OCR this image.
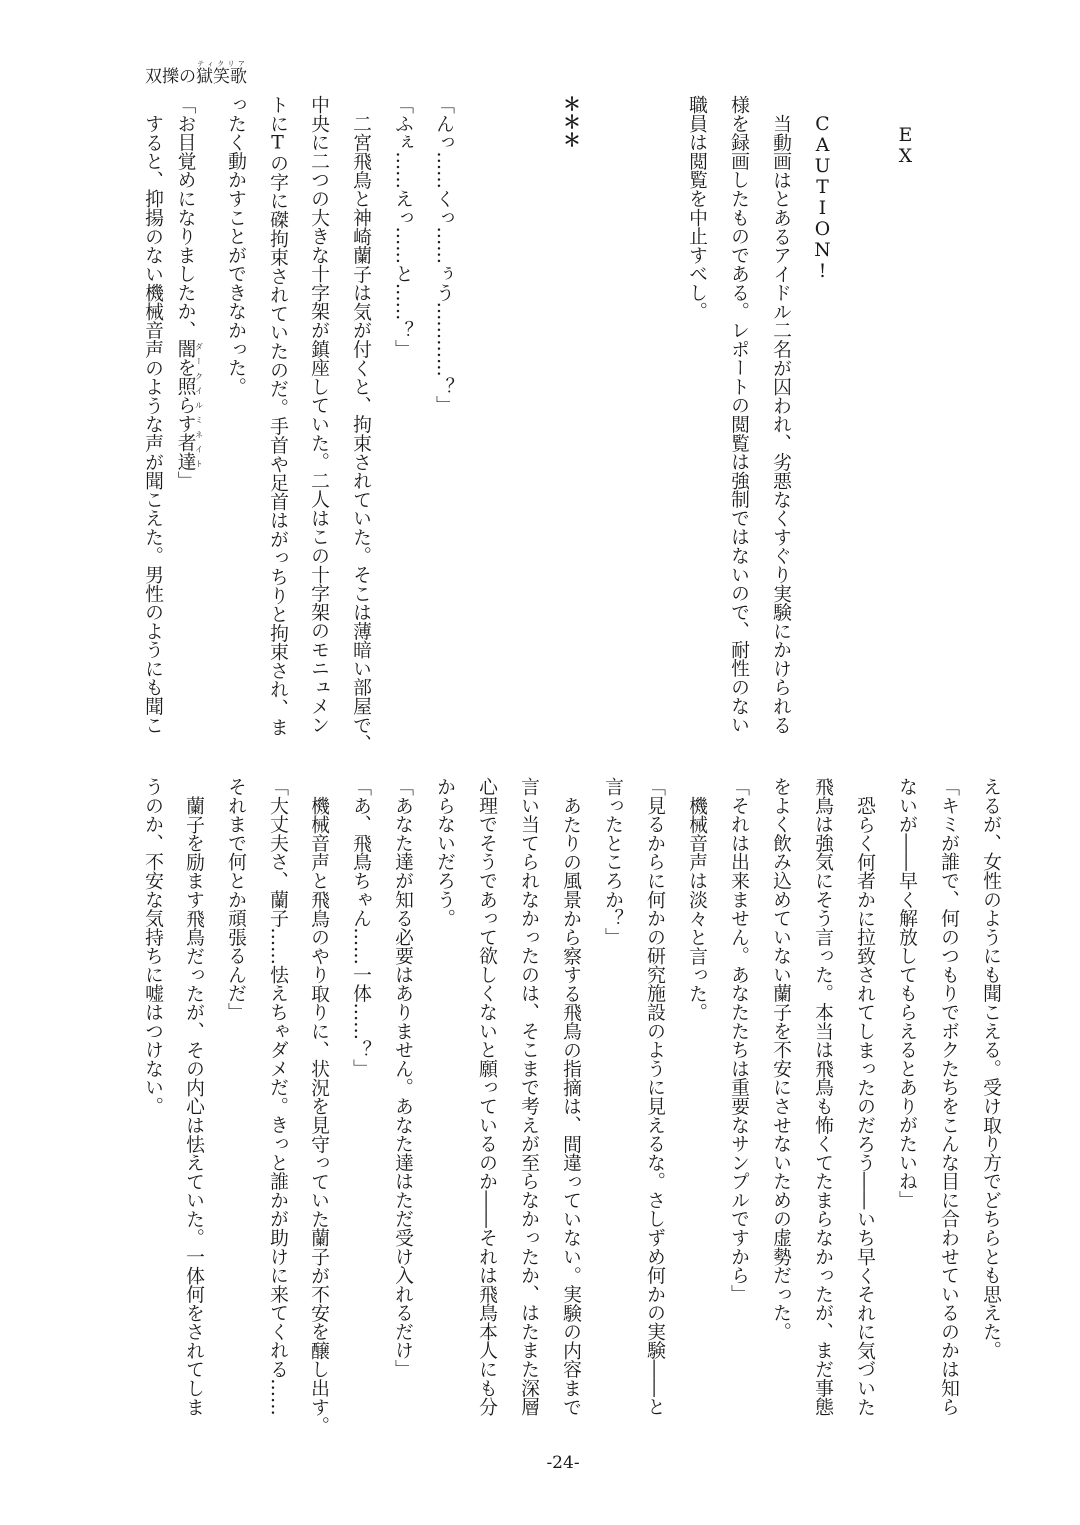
双擽の獄笑歌ティクリア
EX
CAUTION!
当動画はとあるアイドル二名が囚われ、劣悪なくすぐり実験にかけられる
様を録画したものである。レポートの閲覧は強制ではないので、耐性のない
職員は閲覧を中止すべし。
＊＊＊
「んっ……くっ……ぅう…………？」
「ふぇ……えっ……と……？」
二宮飛鳥と神崎蘭子は気が付くと、拘束されていた。そこは薄暗い部屋で、
中央に二つの大きな十字架が鎮座していた。二人はこの十字架のモニュメン
トにTの字に磔拘束されていたのだ。手首や足首はがっちりと拘束され、ま
ったく動かすことができなかった。
「お目覚めになりましたか、闇を照らす者達 ダークイルミネイト」
すると、抑揚のない機械音声のような声が聞こえた。男性のようにも聞こ
えるが、女性のようにも聞こえる。受け取り方でどちらとも思えた。
「キミが誰で、何のつもりでボクたちをこんな目に合わせているのかは知ら
ないが――早く解放してもらえるとありがたいね」
恐らく何者かに拉致されてしまったのだろう――いち早くそれに気づいた
飛鳥は強気にそう言った。本当は飛鳥も怖くてたまらなかったが、まだ事態
をよく飲み込めていない蘭子を不安にさせないための虚勢だった。
「それは出来ません。あなたたちは重要なサンプルですから」
機械音声は淡々と言った。
「見るからに何かの研究施設のように見えるな。さしずめ何かの実験――と
言ったところか？」
あたりの風景から察する飛鳥の指摘は、間違っていない。実験の内容まで
言い当てられなかったのは、そこまで考えが至らなかったか、はたまた深層
心理でそうであって欲しくないと願っているのか――それは飛鳥本人にも分
からないだろう。
「あなた達が知る必要はありません。あなた達はただ受け入れるだけ」
「あ、飛鳥ちゃん……一体……？」
機械音声と飛鳥のやり取りに、状況を見守っていた蘭子が不安を醸し出す。
「大丈夫さ、蘭子……怯えちゃダメだ。きっと誰かが助けに来てくれる……
それまで何とか頑張るんだ」
蘭子を励ます飛鳥だったが、その内心は怯えていた。一体何をされてしま
うのか、不安な気持ちに嘘はつけない。
-24-
